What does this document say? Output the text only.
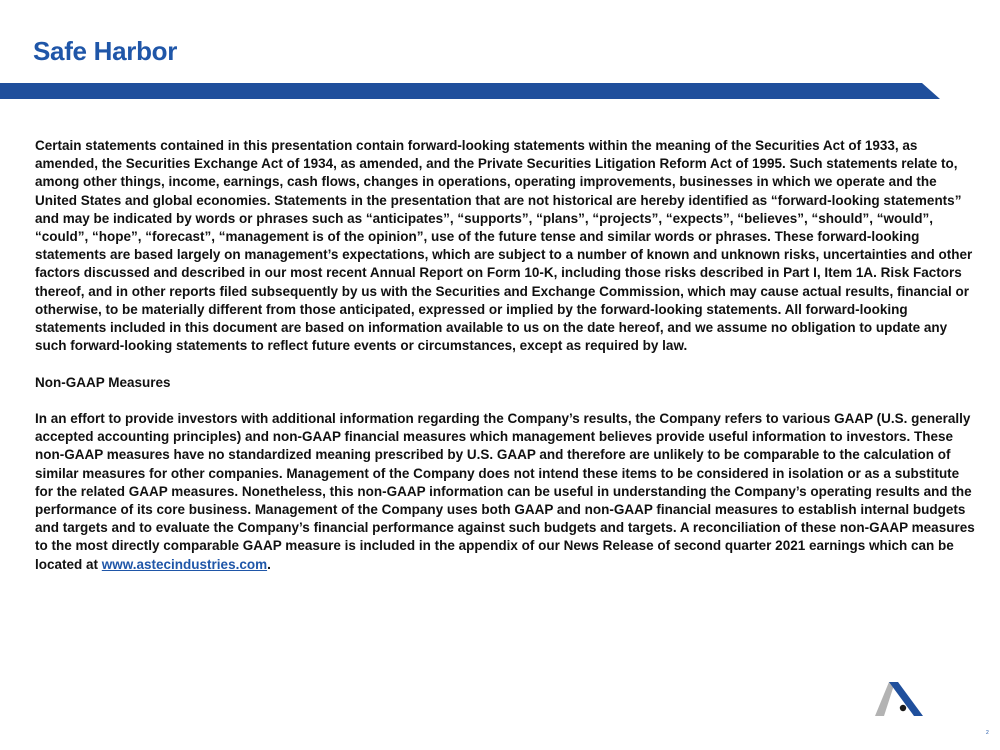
Safe Harbor

Certain statements contained in this presentation contain forward-looking statements within the meaning of the Securities Act of 1933, as amended, the Securities Exchange Act of 1934, as amended, and the Private Securities Litigation Reform Act of 1995. Such statements relate to, among other things, income, earnings, cash flows, changes in operations, operating improvements, businesses in which we operate and the United States and global economies. Statements in the presentation that are not historical are hereby identified as “forward-looking statements” and may be indicated by words or phrases such as “anticipates”, “supports”, “plans”, “projects”, “expects”, “believes”, “should”, “would”, “could”, “hope”, “forecast”, “management is of the opinion”, use of the future tense and similar words or phrases. These forward-looking statements are based largely on management’s expectations, which are subject to a number of known and unknown risks, uncertainties and other factors discussed and described in our most recent Annual Report on Form 10-K, including those risks described in Part I, Item 1A. Risk Factors thereof, and in other reports filed subsequently by us with the Securities and Exchange Commission, which may cause actual results, financial or otherwise, to be materially different from those anticipated, expressed or implied by the forward-looking statements. All forward-looking statements included in this document are based on information available to us on the date hereof, and we assume no obligation to update any such forward-looking statements to reflect future events or circumstances, except as required by law.

Non-GAAP Measures

In an effort to provide investors with additional information regarding the Company’s results, the Company refers to various GAAP (U.S. generally accepted accounting principles) and non-GAAP financial measures which management believes provide useful information to investors. These non-GAAP measures have no standardized meaning prescribed by U.S. GAAP and therefore are unlikely to be comparable to the calculation of similar measures for other companies. Management of the Company does not intend these items to be considered in isolation or as a substitute for the related GAAP measures. Nonetheless, this non-GAAP information can be useful in understanding the Company’s operating results and the performance of its core business. Management of the Company uses both GAAP and non-GAAP financial measures to establish internal budgets and targets and to evaluate the Company’s financial performance against such budgets and targets. A reconciliation of these non-GAAP measures to the most directly comparable GAAP measure is included in the appendix of our News Release of second quarter 2021 earnings which can be located at www.astecindustries.com.

2
